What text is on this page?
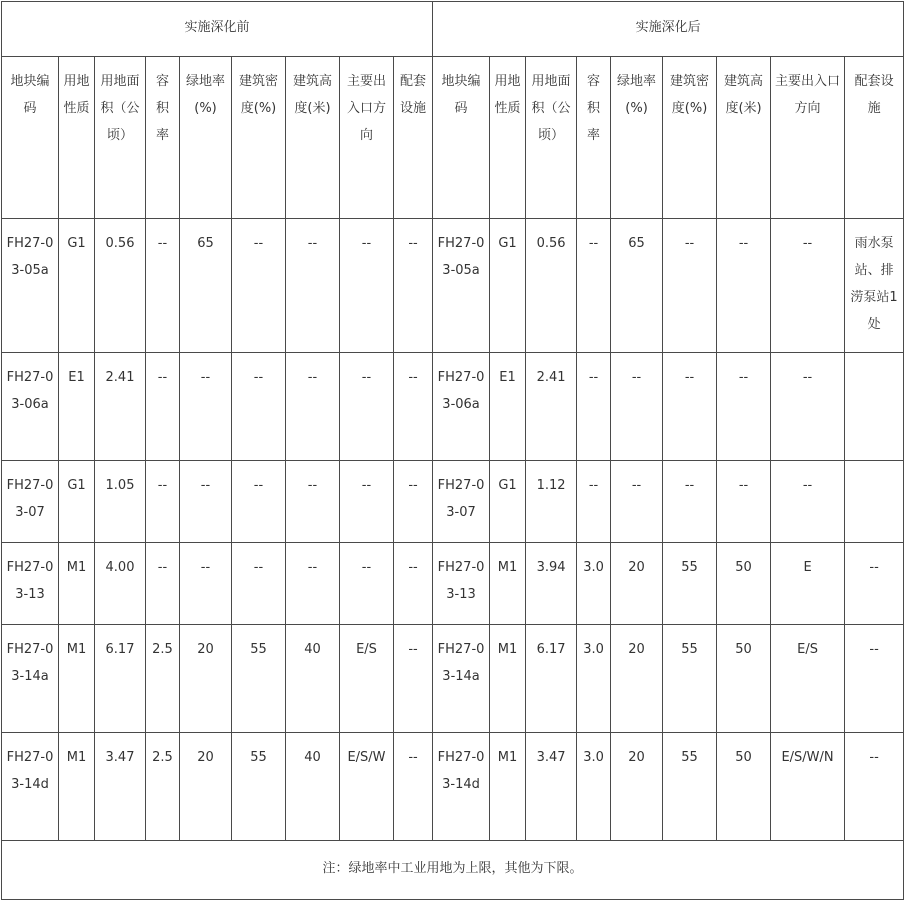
实施深化前									实施深化后								
地块编码	用地性质	用地面积（公顷）	容积率	绿地率(%)	建筑密度(%)	建筑高度(米)	主要出入口方向	配套设施	地块编码	用地性质	用地面积（公顷）	容积率	绿地率(%)	建筑密度(%)	建筑高度(米)	主要出入口方向	配套设施
FH27-03-05a	G1	0.56	--	65	--	--	--	--	FH27-03-05a	G1	0.56	--	65	--	--	--	雨水泵站、排涝泵站1处
FH27-03-06a	E1	2.41	--	--	--	--	--	--	FH27-03-06a	E1	2.41	--	--	--	--	--	
FH27-03-07	G1	1.05	--	--	--	--	--	--	FH27-03-07	G1	1.12	--	--	--	--	--	
FH27-03-13	M1	4.00	--	--	--	--	--	--	FH27-03-13	M1	3.94	3.0	20	55	50	E	--
FH27-03-14a	M1	6.17	2.5	20	55	40	E/S	--	FH27-03-14a	M1	6.17	3.0	20	55	50	E/S	--
FH27-03-14d	M1	3.47	2.5	20	55	40	E/S/W	--	FH27-03-14d	M1	3.47	3.0	20	55	50	E/S/W/N	--
注：绿地率中工业用地为上限，其他为下限。																	
